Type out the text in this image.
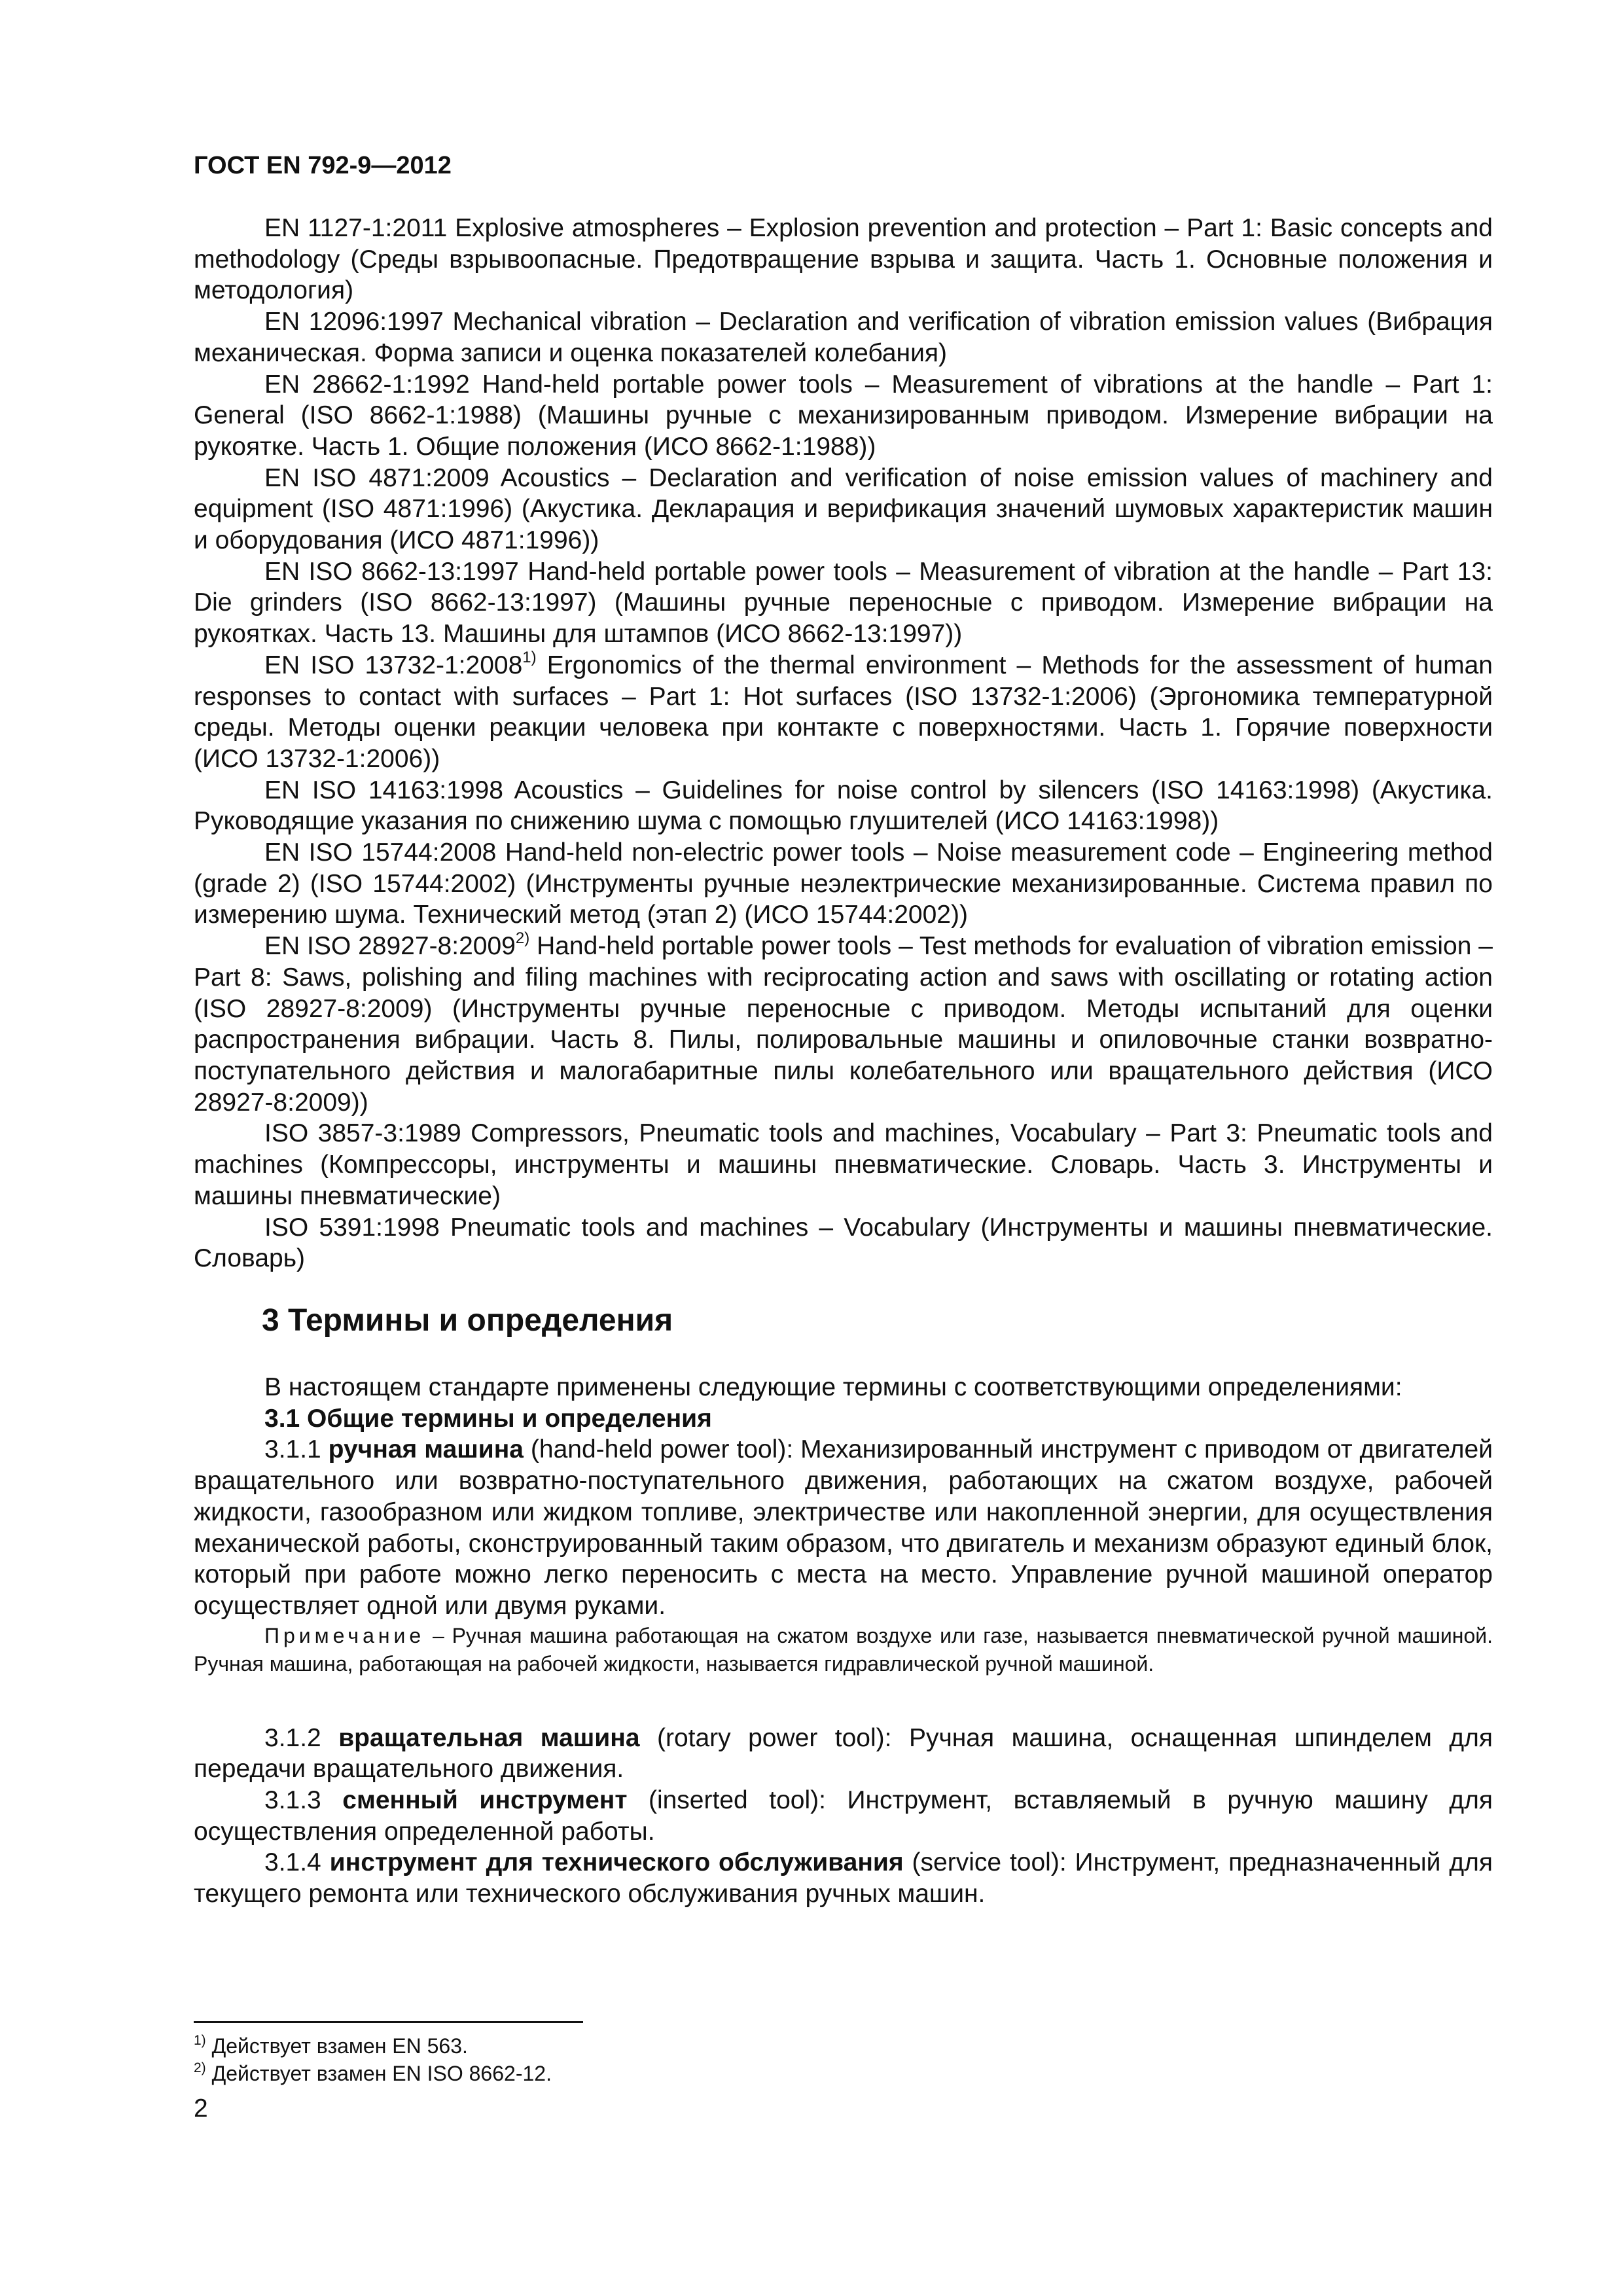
ГОСТ EN 792-9—2012

EN 1127-1:2011 Explosive atmospheres – Explosion prevention and protection – Part 1: Basic concepts and methodology (Среды взрывоопасные. Предотвращение взрыва и защита. Часть 1. Основные положения и методология)

EN 12096:1997 Mechanical vibration – Declaration and verification of vibration emission values (Вибрация механическая. Форма записи и оценка показателей колебания)

EN 28662-1:1992 Hand-held portable power tools – Measurement of vibrations at the handle – Part 1: General (ISO 8662-1:1988) (Машины ручные с механизированным приводом. Измерение вибрации на рукоятке. Часть 1. Общие положения (ИСО 8662-1:1988))

EN ISO 4871:2009 Acoustics – Declaration and verification of noise emission values of machinery and equipment (ISO 4871:1996) (Акустика. Декларация и верификация значений шумовых характеристик машин и оборудования (ИСО 4871:1996))

EN ISO 8662-13:1997 Hand-held portable power tools – Measurement of vibration at the handle – Part 13: Die grinders (ISO 8662-13:1997) (Машины ручные переносные с приводом. Измерение вибрации на рукоятках. Часть 13. Машины для штампов (ИСО 8662-13:1997))

EN ISO 13732-1:2008$^{1)}$ Ergonomics of the thermal environment – Methods for the assessment of human responses to contact with surfaces – Part 1: Hot surfaces (ISO 13732-1:2006) (Эргономика температурной среды. Методы оценки реакции человека при контакте с поверхностями. Часть 1. Горячие поверхности (ИСО 13732-1:2006))

EN ISO 14163:1998 Acoustics – Guidelines for noise control by silencers (ISO 14163:1998) (Акустика. Руководящие указания по снижению шума с помощью глушителей (ИСО 14163:1998))

EN ISO 15744:2008 Hand-held non-electric power tools – Noise measurement code – Engineering method (grade 2) (ISO 15744:2002) (Инструменты ручные неэлектрические механизированные. Система правил по измерению шума. Технический метод (этап 2) (ИСО 15744:2002))

EN ISO 28927-8:2009$^{2)}$ Hand-held portable power tools – Test methods for evaluation of vibration emission – Part 8: Saws, polishing and filing machines with reciprocating action and saws with oscillating or rotating action (ISO 28927-8:2009) (Инструменты ручные переносные с приводом. Методы испытаний для оценки распространения вибрации. Часть 8. Пилы, полировальные машины и опиловочные станки возвратно-поступательного действия и малогабаритные пилы колебательного или вращательного действия (ИСО 28927-8:2009))

ISO 3857-3:1989 Compressors, Pneumatic tools and machines, Vocabulary – Part 3: Pneumatic tools and machines (Компрессоры, инструменты и машины пневматические. Словарь. Часть 3. Инструменты и машины пневматические)

ISO 5391:1998 Pneumatic tools and machines – Vocabulary (Инструменты и машины пневматические. Словарь)

3 Термины и определения

В настоящем стандарте применены следующие термины с соответствующими определениями:

3.1 Общие термины и определения

3.1.1 ручная машина (hand-held power tool): Механизированный инструмент с приводом от двигателей вращательного или возвратно-поступательного движения, работающих на сжатом воздухе, рабочей жидкости, газообразном или жидком топливе, электричестве или накопленной энергии, для осуществления механической работы, сконструированный таким образом, что двигатель и механизм образуют единый блок, который при работе можно легко переносить с места на место. Управление ручной машиной оператор осуществляет одной или двумя руками.

Примечание – Ручная машина работающая на сжатом воздухе или газе, называется пневматической ручной машиной. Ручная машина, работающая на рабочей жидкости, называется гидравлической ручной машиной.

3.1.2 вращательная машина (rotary power tool): Ручная машина, оснащенная шпинделем для передачи вращательного движения.

3.1.3 сменный инструмент (inserted tool): Инструмент, вставляемый в ручную машину для осуществления определенной работы.

3.1.4 инструмент для технического обслуживания (service tool): Инструмент, предназначенный для текущего ремонта или технического обслуживания ручных машин.

$^{1)}$ Действует взамен EN 563.
$^{2)}$ Действует взамен EN ISO 8662-12.
2
